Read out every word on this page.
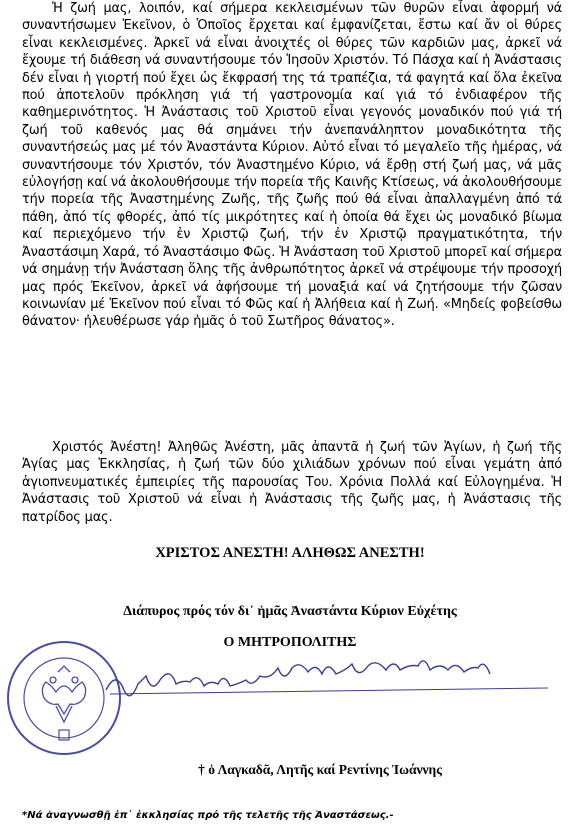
Ἡ ζωή μας, λοιπόν, καί σήμερα κεκλεισμένων τῶν θυρῶν εἶναι ἀφορμή νά συναντήσωμεν Ἐκεῖνον, ὁ Ὁποῖος ἔρχεται καί ἐμφανίζεται, ἔστω καί ἄν οἱ θύρες εἶναι κεκλεισμένες. Ἀρκεῖ νά εἶναι ἀνοιχτές οἱ θύρες τῶν καρδιῶν μας, ἀρκεῖ νά ἔχουμε τή διάθεση νά συναντήσουμε τόν Ἰησοῦν Χριστόν. Τό Πάσχα καί ἡ Ἀνάστασις δέν εἶναι ἡ γιορτή πού ἔχει ὡς ἔκφρασή της τά τραπέζια, τά φαγητά καί ὅλα ἐκεῖνα πού ἀποτελοῦν πρόκληση γιά τή γαστρονομία καί γιά τό ἐνδιαφέρον τῆς καθημερινότητος. Ἡ Ἀνάστασις τοῦ Χριστοῦ εἶναι γεγονός μοναδικόν πού γιά τή ζωή τοῦ καθενός μας θά σημάνει τήν ἀνεπανάληπτον μοναδικότητα τῆς συναντήσεώς μας μέ τόν Ἀναστάντα Κύριον. Αὐτό εἶναι τό μεγαλεῖο τῆς ἡμέρας, νά συναντήσουμε τόν Χριστόν, τόν Ἀναστημένο Κύριο, νά ἔρθῃ στή ζωή μας, νά μᾶς εὐλογήσῃ καί νά ἀκολουθήσουμε τήν πορεία τῆς Καινῆς Κτίσεως, νά ἀκολουθήσουμε τήν πορεία τῆς Ἀναστημένης Ζωῆς, τῆς ζωῆς πού θά εἶναι ἀπαλλαγμένη ἀπό τά πάθη, ἀπό τίς φθορές, ἀπό τίς μικρότητες καί ἡ ὁποία θά ἔχει ὡς μοναδικό βίωμα καί περιεχόμενο τήν ἐν Χριστῷ ζωή, τήν ἐν Χριστῷ πραγματικότητα, τήν Ἀναστάσιμη Χαρά, τό Ἀναστάσιμο Φῶς. Ἡ Ἀνάσταση τοῦ Χριστοῦ μπορεῖ καί σήμερα νά σημάνῃ τήν Ἀνάσταση ὅλης τῆς ἀνθρωπότητος ἀρκεῖ νά στρέψουμε τήν προσοχή μας πρός Ἐκεῖνον, ἀρκεῖ νά ἀφήσουμε τή μοναξιά καί νά ζητήσουμε τήν ζῶσαν κοινωνίαν μέ Ἐκεῖνον πού εἶναι τό Φῶς καί ἡ Ἀλήθεια καί ἡ Ζωή. «Μηδείς φοβείσθω θάνατον· ἠλευθέρωσε γάρ ἡμᾶς ὁ τοῦ Σωτῆρος θάνατος».

Χριστός Ἀνέστη! Ἀληθῶς Ἀνέστη, μᾶς ἀπαντᾶ ἡ ζωή τῶν Ἁγίων, ἡ ζωή τῆς Ἁγίας μας Ἐκκλησίας, ἡ ζωή τῶν δύο χιλιάδων χρόνων πού εἶναι γεμάτη ἀπό ἁγιοπνευματικές ἐμπειρίες τῆς παρουσίας Του. Χρόνια Πολλά καί Εὐλογημένα. Ἡ Ἀνάστασις τοῦ Χριστοῦ νά εἶναι ἡ Ἀνάστασις τῆς ζωῆς μας, ἡ Ἀνάστασις τῆς πατρίδος μας.

ΧΡΙΣΤΟΣ ΑΝΕΣΤΗ! ΑΛΗΘΩΣ ΑΝΕΣΤΗ!
Διάπυρος πρός τόν δι᾿ ἡμᾶς Ἀναστάντα Κύριον Εὐχέτης
Ο ΜΗΤΡΟΠΟΛΙΤΗΣ
† ὁ Λαγκαδᾶ, Λητῆς καί Ρεντίνης Ἰωάννης
*Νά ἀναγνωσθῇ ἐπ᾿ ἐκκλησίας πρό τῆς τελετῆς τῆς Ἀναστάσεως.-
